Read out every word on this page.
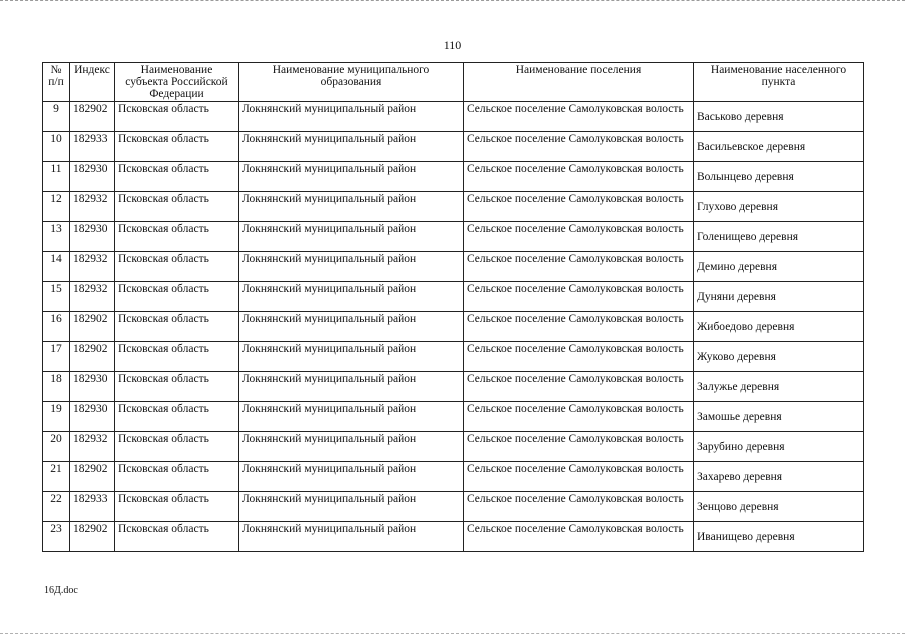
110
№ п/п	Индекс	Наименование субъекта Российской Федерации	Наименование муниципального образования	Наименование поселения	Наименование населенного пункта
9	182902	Псковская область	Локнянский муниципальный район	Сельское поселение Самолуковская волость	Васьково деревня
10	182933	Псковская область	Локнянский муниципальный район	Сельское поселение Самолуковская волость	Васильевское деревня
11	182930	Псковская область	Локнянский муниципальный район	Сельское поселение Самолуковская волость	Волынцево деревня
12	182932	Псковская область	Локнянский муниципальный район	Сельское поселение Самолуковская волость	Глухово деревня
13	182930	Псковская область	Локнянский муниципальный район	Сельское поселение Самолуковская волость	Голенищево деревня
14	182932	Псковская область	Локнянский муниципальный район	Сельское поселение Самолуковская волость	Демино деревня
15	182932	Псковская область	Локнянский муниципальный район	Сельское поселение Самолуковская волость	Дуняни деревня
16	182902	Псковская область	Локнянский муниципальный район	Сельское поселение Самолуковская волость	Жибоедово деревня
17	182902	Псковская область	Локнянский муниципальный район	Сельское поселение Самолуковская волость	Жуково деревня
18	182930	Псковская область	Локнянский муниципальный район	Сельское поселение Самолуковская волость	Залужье деревня
19	182930	Псковская область	Локнянский муниципальный район	Сельское поселение Самолуковская волость	Замошье деревня
20	182932	Псковская область	Локнянский муниципальный район	Сельское поселение Самолуковская волость	Зарубино деревня
21	182902	Псковская область	Локнянский муниципальный район	Сельское поселение Самолуковская волость	Захарево деревня
22	182933	Псковская область	Локнянский муниципальный район	Сельское поселение Самолуковская волость	Зенцово деревня
23	182902	Псковская область	Локнянский муниципальный район	Сельское поселение Самолуковская волость	Иванищево деревня
16Д.doc
